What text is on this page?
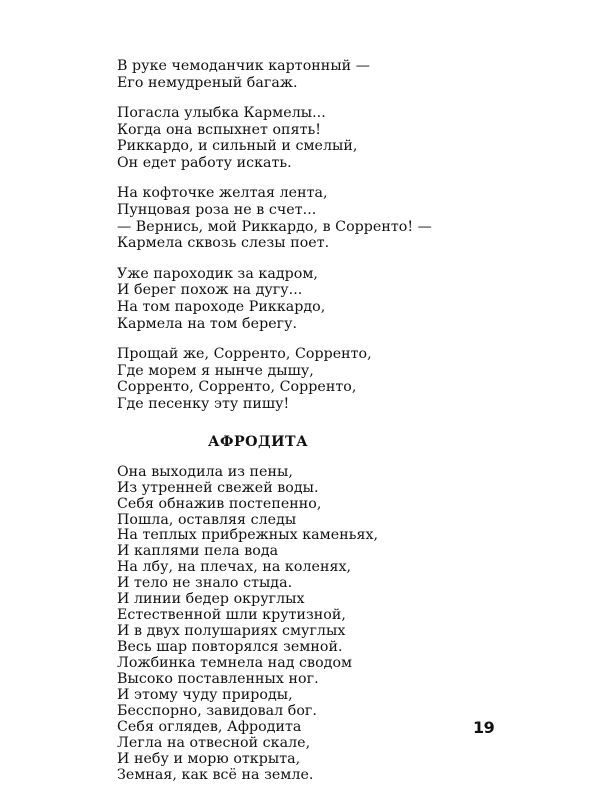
В руке чемоданчик картонный —
Его немудреный багаж.
Погасла улыбка Кармелы...
Когда она вспыхнет опять!
Риккардо, и сильный и смелый,
Он едет работу искать.
На кофточке желтая лента,
Пунцовая роза не в счет...
— Вернись, мой Риккардо, в Сорренто! —
Кармела сквозь слезы поет.
Уже пароходик за кадром,
И берег похож на дугу...
На том пароходе Риккардо,
Кармела на том берегу.
Прощай же, Сорренто, Сорренто,
Где морем я нынче дышу,
Сорренто, Сорренто, Сорренто,
Где песенку эту пишу!
АФРОДИТА
Она выходила из пены,
Из утренней свежей воды.
Себя обнажив постепенно,
Пошла, оставляя следы
На теплых прибрежных каменьях,
И каплями пела вода
На лбу, на плечах, на коленях,
И тело не знало стыда.
И линии бедер округлых
Естественной шли крутизной,
И в двух полушариях смуглых
Весь шар повторялся земной.
Ложбинка темнела над сводом
Высоко поставленных ног.
И этому чуду природы,
Бесспорно, завидовал бог.
Себя оглядев, Афродита
Легла на отвесной скале,
И небу и морю открыта,
Земная, как всё на земле.
19
